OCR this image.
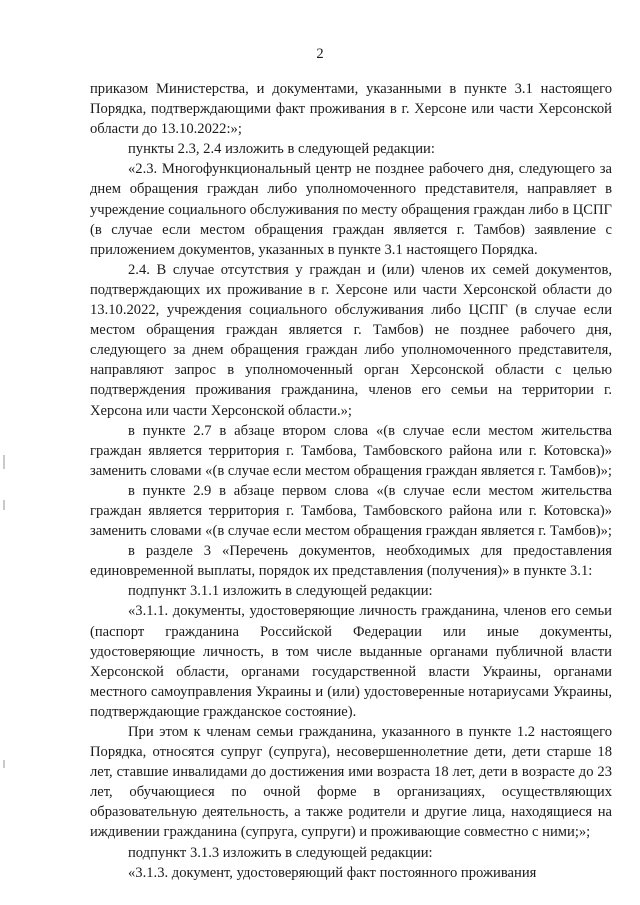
2

приказом Министерства, и документами, указанными в пункте 3.1 настоящего Порядка, подтверждающими факт проживания в г. Херсоне или части Херсонской области до 13.10.2022:»;

пункты 2.3, 2.4 изложить в следующей редакции:

«2.3. Многофункциональный центр не позднее рабочего дня, следующего за днем обращения граждан либо уполномоченного представителя, направляет в учреждение социального обслуживания по месту обращения граждан либо в ЦСПГ (в случае если местом обращения граждан является г. Тамбов) заявление с приложением документов, указанных в пункте 3.1 настоящего Порядка.

2.4. В случае отсутствия у граждан и (или) членов их семей документов, подтверждающих их проживание в г. Херсоне или части Херсонской области до 13.10.2022, учреждения социального обслуживания либо ЦСПГ (в случае если местом обращения граждан является г. Тамбов) не позднее рабочего дня, следующего за днем обращения граждан либо уполномоченного представителя, направляют запрос в уполномоченный орган Херсонской области с целью подтверждения проживания гражданина, членов его семьи на территории г. Херсона или части Херсонской области.»;

в пункте 2.7 в абзаце втором слова «(в случае если местом жительства граждан является территория г. Тамбова, Тамбовского района или г. Котовска)» заменить словами «(в случае если местом обращения граждан является г. Тамбов)»;

в пункте 2.9 в абзаце первом слова «(в случае если местом жительства граждан является территория г. Тамбова, Тамбовского района или г. Котовска)» заменить словами «(в случае если местом обращения граждан является г. Тамбов)»;

в разделе 3 «Перечень документов, необходимых для предоставления единовременной выплаты, порядок их представления (получения)» в пункте 3.1:

подпункт 3.1.1 изложить в следующей редакции:

«3.1.1. документы, удостоверяющие личность гражданина, членов его семьи (паспорт гражданина Российской Федерации или иные документы, удостоверяющие личность, в том числе выданные органами публичной власти Херсонской области, органами государственной власти Украины, органами местного самоуправления Украины и (или) удостоверенные нотариусами Украины, подтверждающие гражданское состояние).

При этом к членам семьи гражданина, указанного в пункте 1.2 настоящего Порядка, относятся супруг (супруга), несовершеннолетние дети, дети старше 18 лет, ставшие инвалидами до достижения ими возраста 18 лет, дети в возрасте до 23 лет, обучающиеся по очной форме в организациях, осуществляющих образовательную деятельность, а также родители и другие лица, находящиеся на иждивении гражданина (супруга, супруги) и проживающие совместно с ними;»;

подпункт 3.1.3 изложить в следующей редакции:

«3.1.3. документ, удостоверяющий факт постоянного проживания
